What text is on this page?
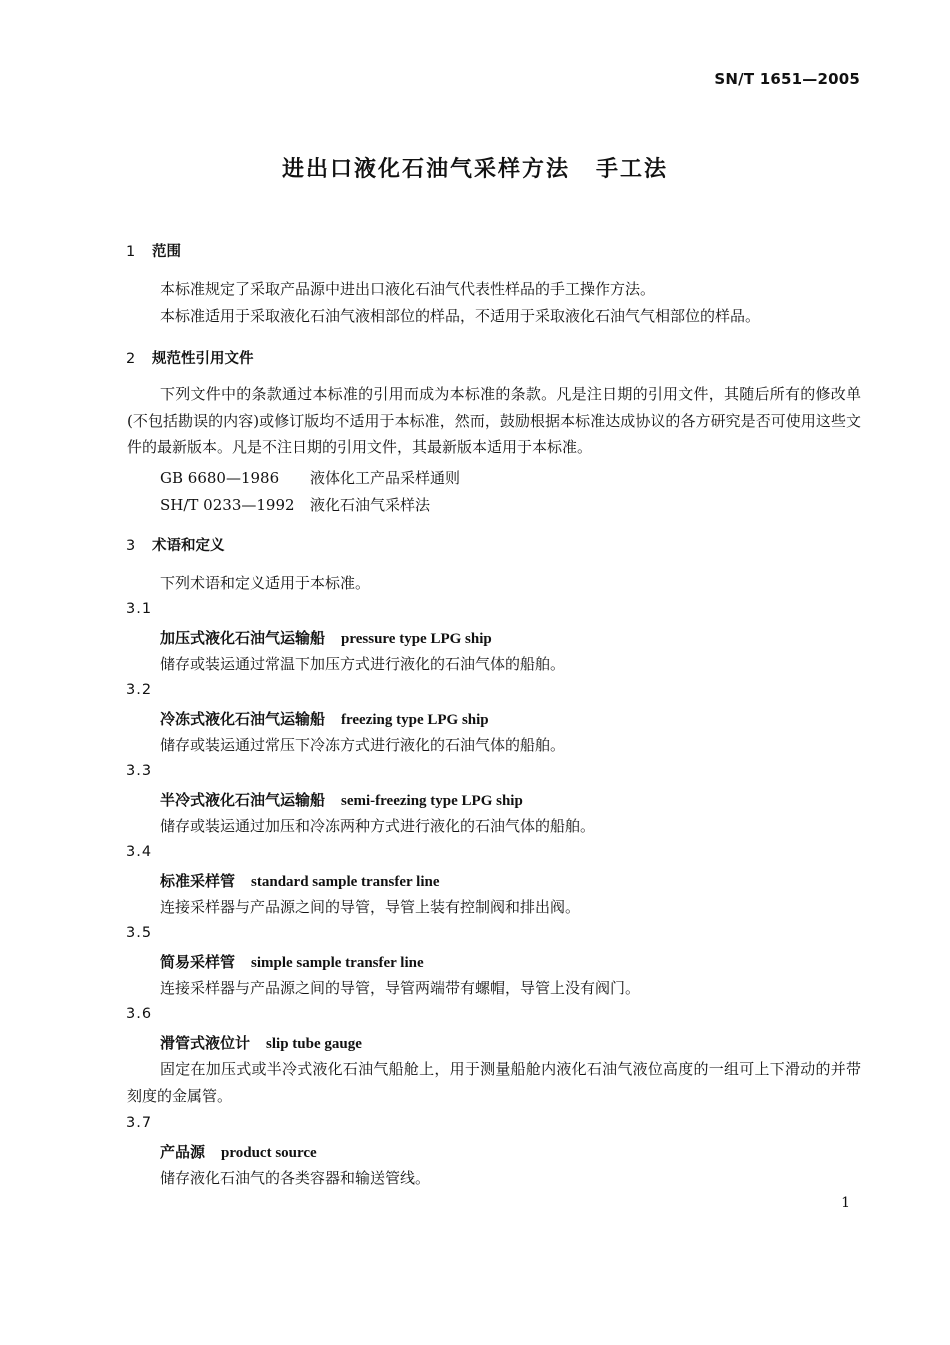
SN/T 1651—2005
进出口液化石油气采样方法 手工法
1 范围
本标准规定了采取产品源中进出口液化石油气代表性样品的手工操作方法。
本标准适用于采取液化石油气液相部位的样品，不适用于采取液化石油气气相部位的样品。
2 规范性引用文件
下列文件中的条款通过本标准的引用而成为本标准的条款。凡是注日期的引用文件，其随后所有的修改单(不包括勘误的内容)或修订版均不适用于本标准，然而，鼓励根据本标准达成协议的各方研究是否可使用这些文件的最新版本。凡是不注日期的引用文件，其最新版本适用于本标准。
GB 6680—1986 液体化工产品采样通则
SH/T 0233—1992 液化石油气采样法
3 术语和定义
下列术语和定义适用于本标准。
3.1
加压式液化石油气运输船 pressure type LPG ship
储存或装运通过常温下加压方式进行液化的石油气体的船舶。
3.2
冷冻式液化石油气运输船 freezing type LPG ship
储存或装运通过常压下冷冻方式进行液化的石油气体的船舶。
3.3
半冷式液化石油气运输船 semi-freezing type LPG ship
储存或装运通过加压和冷冻两种方式进行液化的石油气体的船舶。
3.4
标准采样管 standard sample transfer line
连接采样器与产品源之间的导管，导管上装有控制阀和排出阀。
3.5
简易采样管 simple sample transfer line
连接采样器与产品源之间的导管，导管两端带有螺帽，导管上没有阀门。
3.6
滑管式液位计 slip tube gauge
固定在加压式或半冷式液化石油气船舱上，用于测量船舱内液化石油气液位高度的一组可上下滑动的并带刻度的金属管。
3.7
产品源 product source
储存液化石油气的各类容器和输送管线。
1
